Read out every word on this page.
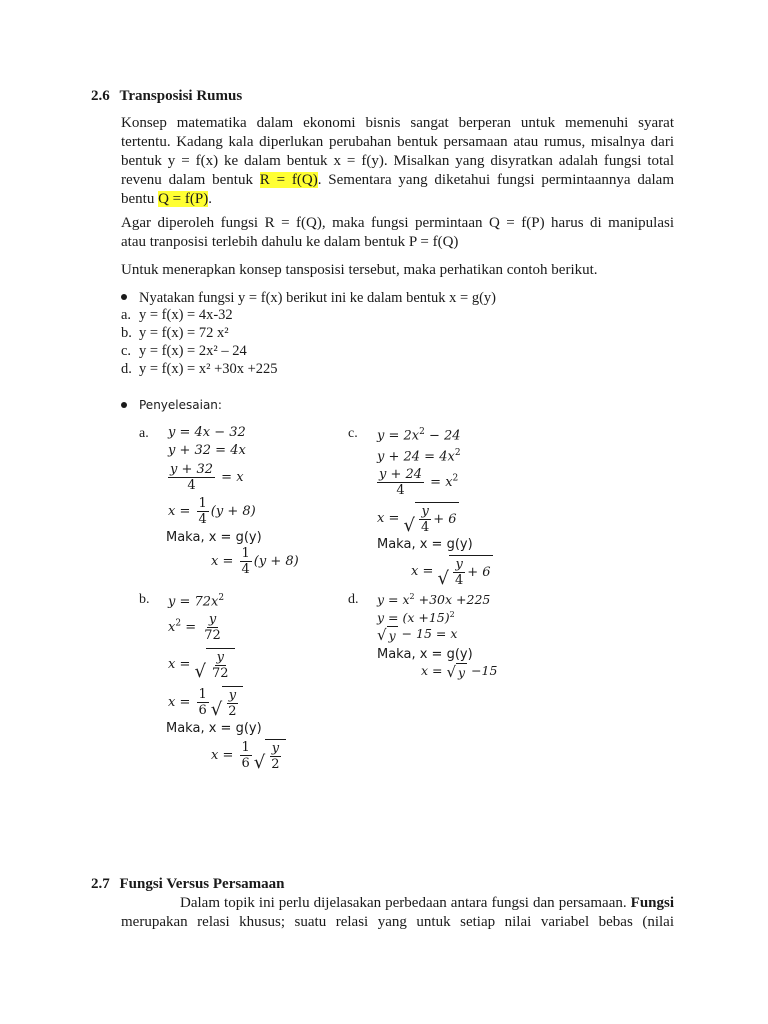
2.6 Transposisi Rumus
Konsep matematika dalam ekonomi bisnis sangat berperan untuk memenuhi syarat
tertentu. Kadang kala diperlukan perubahan bentuk persamaan atau rumus, misalnya dari
bentuk y = f(x) ke dalam bentuk x = f(y). Misalkan yang disyratkan adalah fungsi total
revenu dalam bentuk R = f(Q). Sementara yang diketahui fungsi permintaannya dalam
bentu Q = f(P).
Agar diperoleh fungsi R = f(Q), maka fungsi permintaan Q = f(P) harus di manipulasi
atau tranposisi terlebih dahulu ke dalam bentuk P = f(Q)
Untuk menerapkan konsep tansposisi tersebut, maka perhatikan contoh berikut.
Nyatakan fungsi y = f(x) berikut ini ke dalam bentuk x = g(y)
a. y = f(x) = 4x-32
b. y = f(x) = 72 x²
c. y = f(x) = 2x² – 24
d. y = f(x) = x² +30x +225
Penyelesaian:
a. y = 4x − 32
y + 32 = 4x
$\frac{y + 32}{4} = x$
$x = \frac{1}{4} (y + 8)$
Maka, x = g(y)
$x = \frac{1}{4} (y + 8)$
c. $y = 2x^2 - 24$
$y + 24 = 4x^2$
$\frac{y + 24}{4} = x^2$
x = √ $\frac{y}{4} + 6$
Maka, x = g(y)
x = √ $\frac{y}{4} + 6$
b. $y = 72x^2$
$x^2 = \frac{y}{72}$
x = √ $\frac{y}{72}$
$x = \frac{1}{6}$ √ $\frac{y}{2}$
Maka, x = g(y)
$x = \frac{1}{6}$ √ $\frac{y}{2}$
d. $y = x^2 +30x +225$
$y = (x +15)^2$
√ y − 15 = x
Maka, x = g(y)
x = √ y −15
2.7 Fungsi Versus Persamaan
Dalam topik ini perlu dijelasakan perbedaan antara fungsi dan persamaan. Fungsi
merupakan relasi khusus; suatu relasi yang untuk setiap nilai variabel bebas (nilai
